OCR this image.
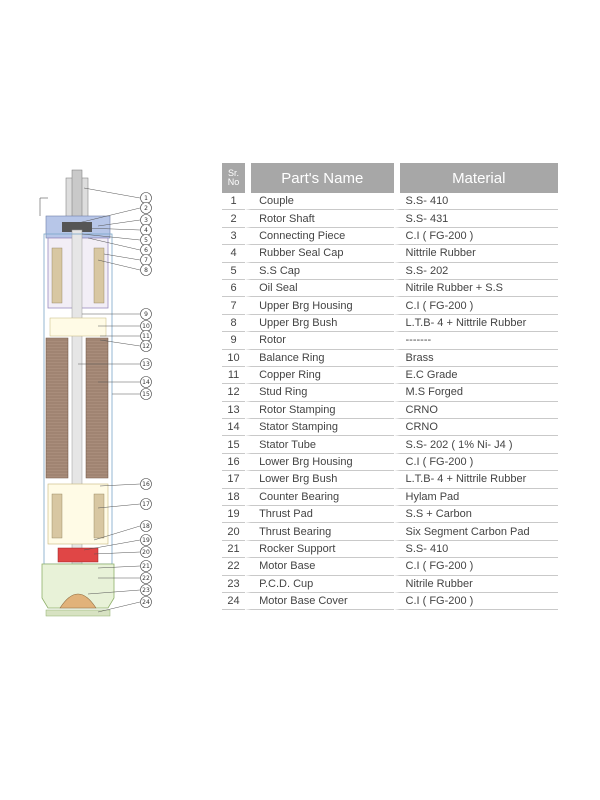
1
2
3
4
5
6
7
8
9
10
11
12
13
14
15
16
17
18
19
20
21
22
23
24
Sr.
No	Part's Name	Material
1	Couple	S.S- 410
2	Rotor Shaft	S.S- 431
3	Connecting Piece	C.I ( FG-200 )
4	Rubber Seal Cap	Nittrile Rubber
5	S.S Cap	S.S- 202
6	Oil Seal	Nitrile Rubber + S.S
7	Upper Brg Housing	C.I ( FG-200 )
8	Upper Brg Bush	L.T.B- 4 + Nittrile Rubber
9	Rotor	-------
10	Balance Ring	Brass
11	Copper Ring	E.C Grade
12	Stud Ring	M.S Forged
13	Rotor Stamping	CRNO
14	Stator Stamping	CRNO
15	Stator Tube	S.S- 202 ( 1% Ni- J4 )
16	Lower Brg Housing	C.I ( FG-200 )
17	Lower Brg Bush	L.T.B- 4 + Nittrile Rubber
18	Counter Bearing	Hylam Pad
19	Thrust Pad	S.S + Carbon
20	Thrust Bearing	Six Segment Carbon Pad
21	Rocker Support	S.S- 410
22	Motor Base	C.I ( FG-200 )
23	P.C.D. Cup	Nitrile Rubber
24	Motor Base Cover	C.I ( FG-200 )
